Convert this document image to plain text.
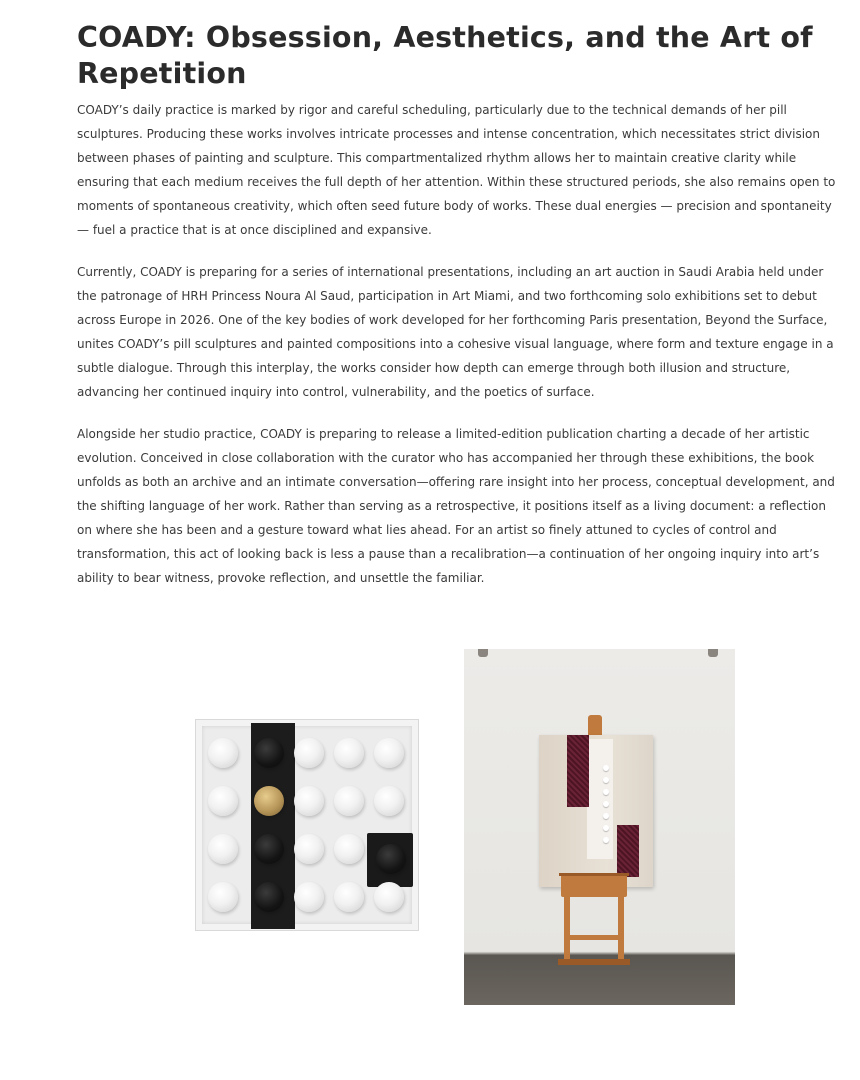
COADY: Obsession, Aesthetics, and the Art of Repetition

COADY’s daily practice is marked by rigor and careful scheduling, particularly due to the technical demands of her pill sculptures. Producing these works involves intricate processes and intense concentration, which necessitates strict division between phases of painting and sculpture. This compartmentalized rhythm allows her to maintain creative clarity while ensuring that each medium receives the full depth of her attention. Within these structured periods, she also remains open to moments of spontaneous creativity, which often seed future body of works. These dual energies — precision and spontaneity — fuel a practice that is at once disciplined and expansive.

Currently, COADY is preparing for a series of international presentations, including an art auction in Saudi Arabia held under the patronage of HRH Princess Noura Al Saud, participation in Art Miami, and two forthcoming solo exhibitions set to debut across Europe in 2026. One of the key bodies of work developed for her forthcoming Paris presentation, Beyond the Surface, unites COADY’s pill sculptures and painted compositions into a cohesive visual language, where form and texture engage in a subtle dialogue. Through this interplay, the works consider how depth can emerge through both illusion and structure, advancing her continued inquiry into control, vulnerability, and the poetics of surface.

Alongside her studio practice, COADY is preparing to release a limited-edition publication charting a decade of her artistic evolution. Conceived in close collaboration with the curator who has accompanied her through these exhibitions, the book unfolds as both an archive and an intimate conversation—offering rare insight into her process, conceptual development, and the shifting language of her work. Rather than serving as a retrospective, it positions itself as a living document: a reflection on where she has been and a gesture toward what lies ahead. For an artist so finely attuned to cycles of control and transformation, this act of looking back is less a pause than a recalibration—a continuation of her ongoing inquiry into art’s ability to bear witness, provoke reflection, and unsettle the familiar.
